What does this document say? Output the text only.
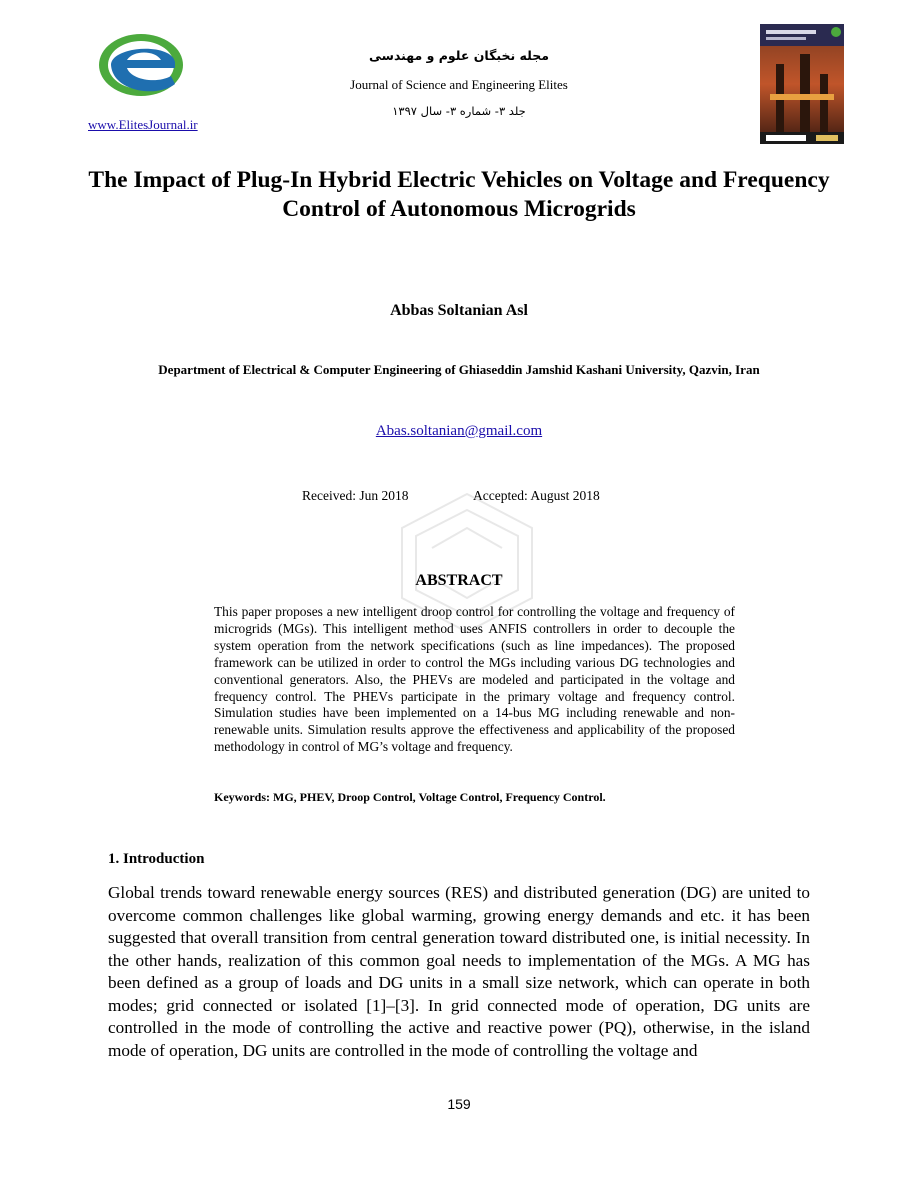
www.ElitesJournal.ir
مجله نخبگان علوم و مهندسی
Journal of Science and Engineering Elites
جلد ۳- شماره ۳- سال ۱۳۹۷
The Impact of Plug-In Hybrid Electric Vehicles on Voltage and Frequency Control of Autonomous Microgrids
Abbas Soltanian Asl
Department of Electrical & Computer Engineering of Ghiaseddin Jamshid Kashani University, Qazvin, Iran
Abas.soltanian@gmail.com
Received: Jun 2018	Accepted: August 2018
ABSTRACT
This paper proposes a new intelligent droop control for controlling the voltage and frequency of microgrids (MGs). This intelligent method uses ANFIS controllers in order to decouple the system operation from the network specifications (such as line impedances). The proposed framework can be utilized in order to control the MGs including various DG technologies and conventional generators. Also, the PHEVs are modeled and participated in the voltage and frequency control. The PHEVs participate in the primary voltage and frequency control. Simulation studies have been implemented on a 14-bus MG including renewable and non-renewable units. Simulation results approve the effectiveness and applicability of the proposed methodology in control of MG’s voltage and frequency.
Keywords: MG, PHEV, Droop Control, Voltage Control, Frequency Control.
1. Introduction
Global trends toward renewable energy sources (RES) and distributed generation (DG) are united to overcome common challenges like global warming, growing energy demands and etc. it has been suggested that overall transition from central generation toward distributed one, is initial necessity. In the other hands, realization of this common goal needs to implementation of the MGs. A MG has been defined as a group of loads and DG units in a small size network, which can operate in both modes; grid connected or isolated [1]–[3]. In grid connected mode of operation, DG units are controlled in the mode of controlling the active and reactive power (PQ), otherwise, in the island mode of operation, DG units are controlled in the mode of controlling the voltage and
159
